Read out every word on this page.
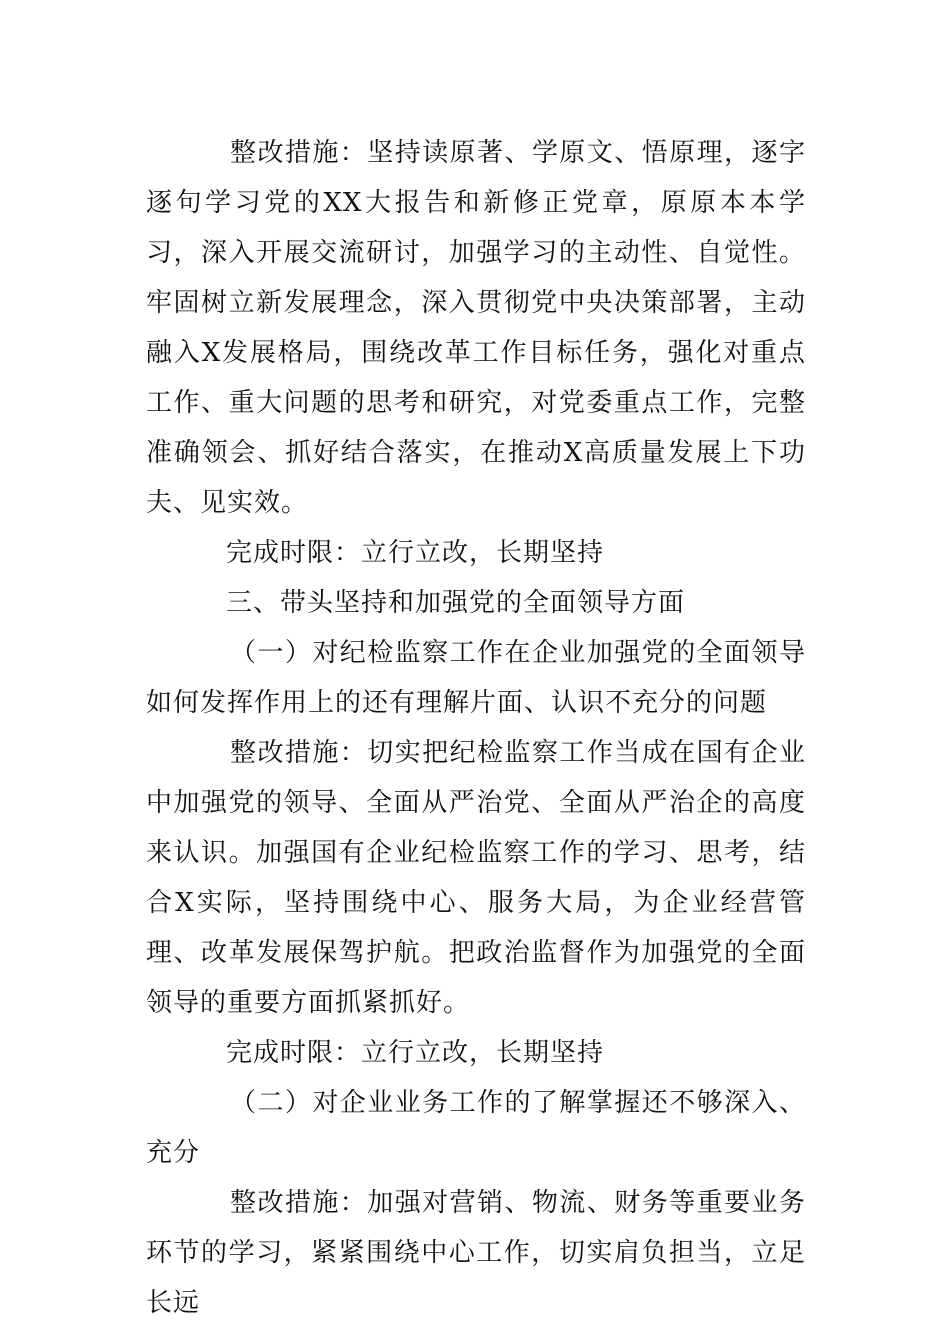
整改措施：坚持读原著、学原文、悟原理，逐字逐句学习党的XX大报告和新修正党章，原原本本学习，深入开展交流研讨，加强学习的主动性、自觉性。牢固树立新发展理念，深入贯彻党中央决策部署，主动融入X发展格局，围绕改革工作目标任务，强化对重点工作、重大问题的思考和研究，对党委重点工作，完整准确领会、抓好结合落实，在推动X高质量发展上下功夫、见实效。

完成时限：立行立改，长期坚持

三、带头坚持和加强党的全面领导方面

（一）对纪检监察工作在企业加强党的全面领导如何发挥作用上的还有理解片面、认识不充分的问题

整改措施：切实把纪检监察工作当成在国有企业中加强党的领导、全面从严治党、全面从严治企的高度来认识。加强国有企业纪检监察工作的学习、思考，结合X实际，坚持围绕中心、服务大局，为企业经营管理、改革发展保驾护航。把政治监督作为加强党的全面领导的重要方面抓紧抓好。

完成时限：立行立改，长期坚持

（二）对企业业务工作的了解掌握还不够深入、充分

整改措施：加强对营销、物流、财务等重要业务环节的学习，紧紧围绕中心工作，切实肩负担当，立足长远
